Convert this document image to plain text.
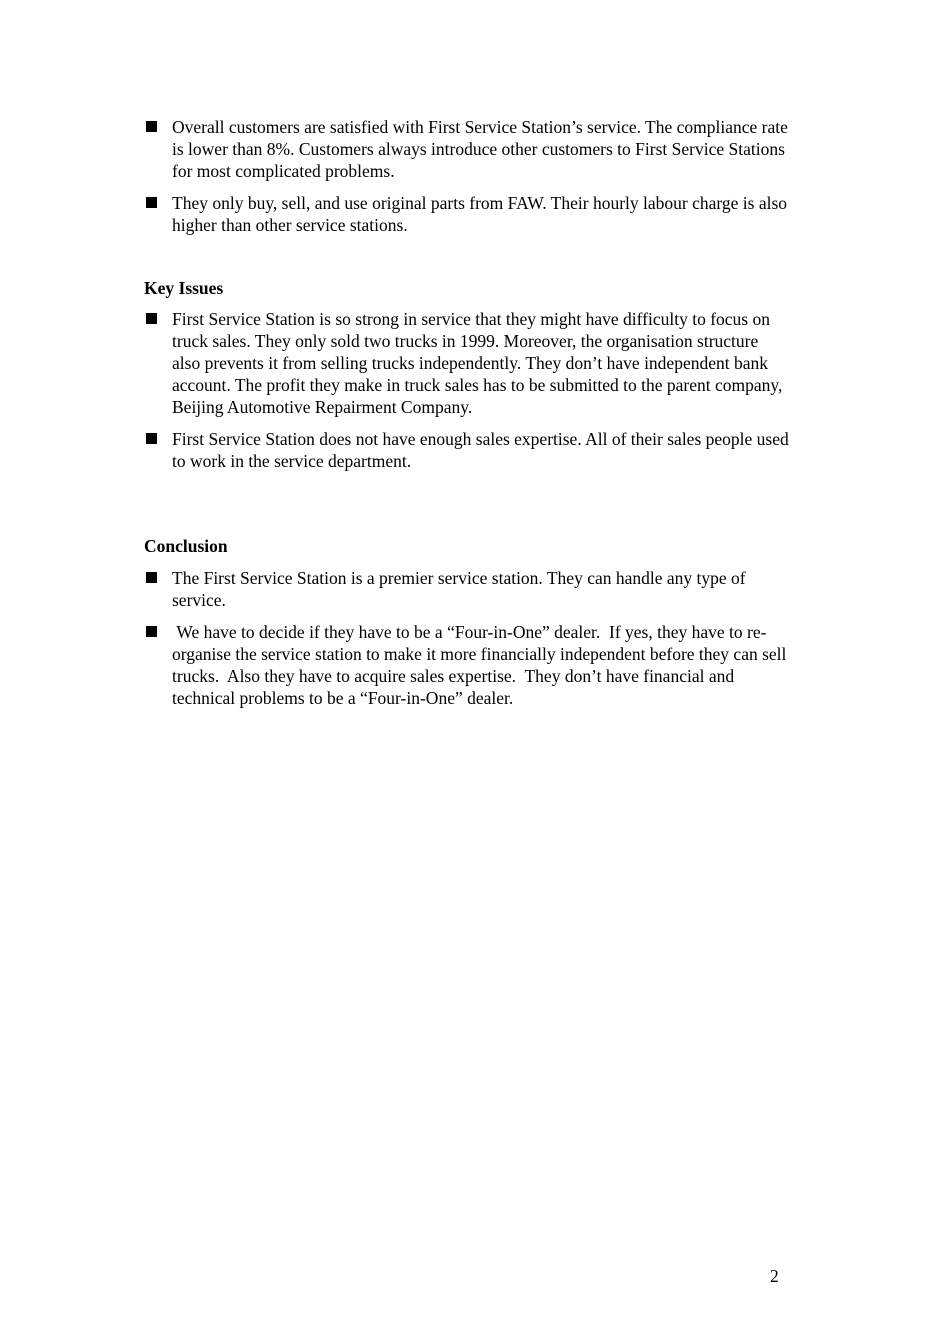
Overall customers are satisfied with First Service Station’s service. The compliance rate is lower than 8%. Customers always introduce other customers to First Service Stations for most complicated problems.
They only buy, sell, and use original parts from FAW. Their hourly labour charge is also higher than other service stations.
Key Issues
First Service Station is so strong in service that they might have difficulty to focus on truck sales. They only sold two trucks in 1999. Moreover, the organisation structure also prevents it from selling trucks independently. They don’t have independent bank account. The profit they make in truck sales has to be submitted to the parent company, Beijing Automotive Repairment Company.
First Service Station does not have enough sales expertise. All of their sales people used to work in the service department.
Conclusion
The First Service Station is a premier service station. They can handle any type of service.
We have to decide if they have to be a “Four-in-One” dealer.  If yes, they have to re-organise the service station to make it more financially independent before they can sell trucks.  Also they have to acquire sales expertise.  They don’t have financial and technical problems to be a “Four-in-One” dealer.
2
